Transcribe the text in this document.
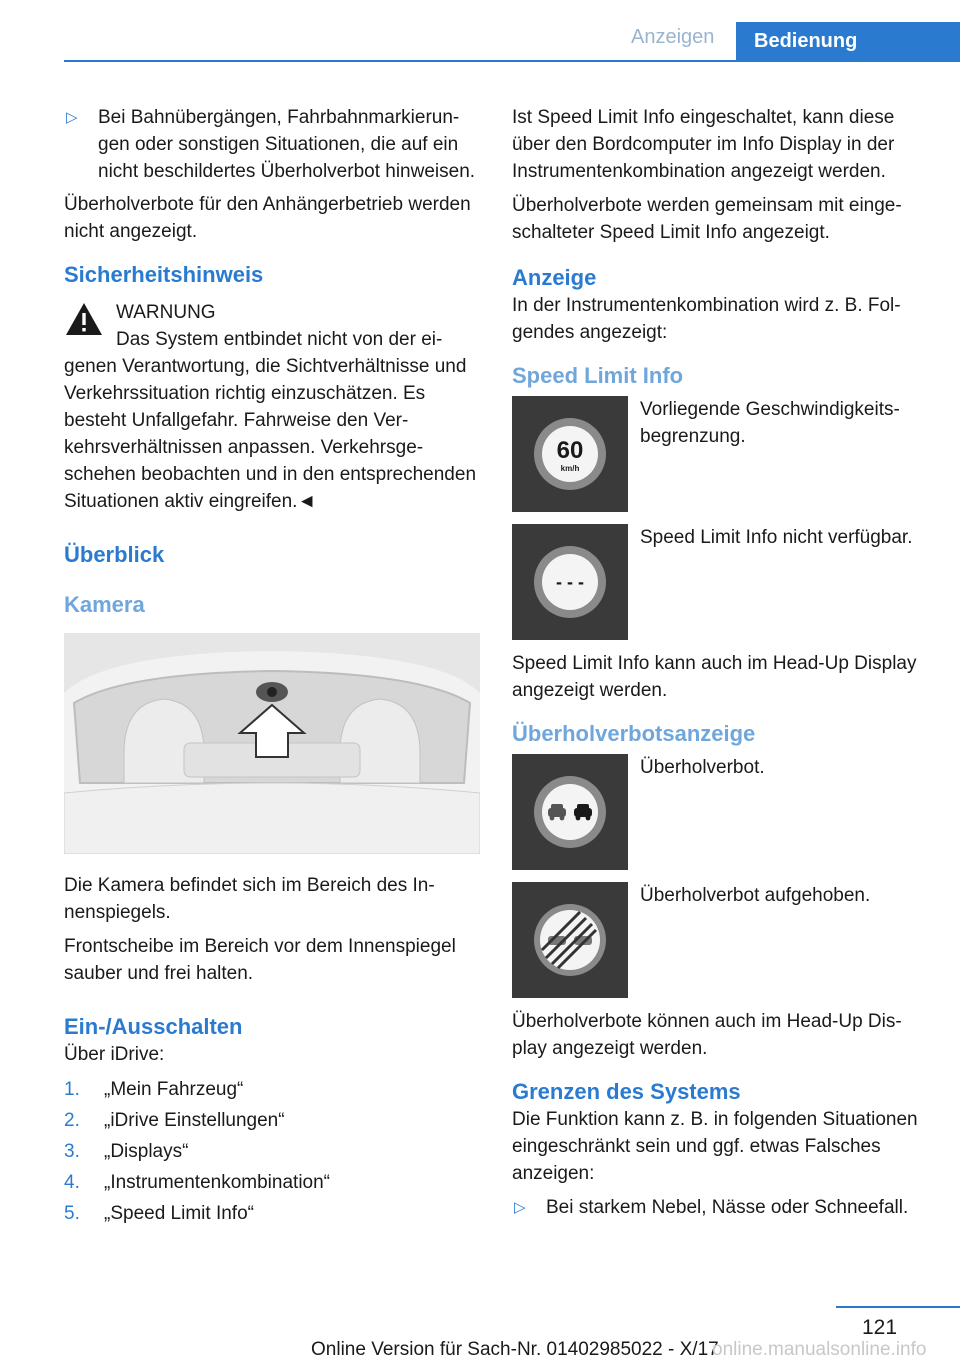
Anzeigen	Bedienung
▷ Bei Bahnübergängen, Fahrbahnmarkierungen oder sonstigen Situationen, die auf ein nicht beschildertes Überholverbot hinweisen.

Überholverbote für den Anhängerbetrieb werden nicht angezeigt.

Sicherheitshinweis
WARNUNG

Das System entbindet nicht von der eigenen Verantwortung, die Sichtverhältnisse und Verkehrssituation richtig einzuschätzen. Es besteht Unfallgefahr. Fahrweise den Verkehrsverhältnissen anpassen. Verkehrsgeschehen beobachten und in den entsprechenden Situationen aktiv eingreifen.◄

Überblick
Kamera

Die Kamera befindet sich im Bereich des Innenspiegels.

Frontscheibe im Bereich vor dem Innenspiegel sauber und frei halten.

Ein-/Ausschalten

Über iDrive:

1. „Mein Fahrzeug“
2. „iDrive Einstellungen“
3. „Displays“
4. „Instrumentenkombination“
5. „Speed Limit Info“

Ist Speed Limit Info eingeschaltet, kann diese über den Bordcomputer im Info Display in der Instrumentenkombination angezeigt werden.

Überholverbote werden gemeinsam mit eingeschalteter Speed Limit Info angezeigt.

Anzeige

In der Instrumentenkombination wird z. B. Folgendes angezeigt:

Speed Limit Info
60
km/h
Vorliegende Geschwindigkeitsbegrenzung.
- - -
Speed Limit Info nicht verfügbar.

Speed Limit Info kann auch im Head-Up Display angezeigt werden.

Überholverbotsanzeige
Überholverbot.
Überholverbot aufgehoben.

Überholverbote können auch im Head-Up Display angezeigt werden.

Grenzen des Systems

Die Funktion kann z. B. in folgenden Situationen eingeschränkt sein und ggf. etwas Falsches anzeigen:

▷ Bei starkem Nebel, Nässe oder Schneefall.
121
Online Version für Sach-Nr. 01402985022 - X/17
online.manualsonline.info
